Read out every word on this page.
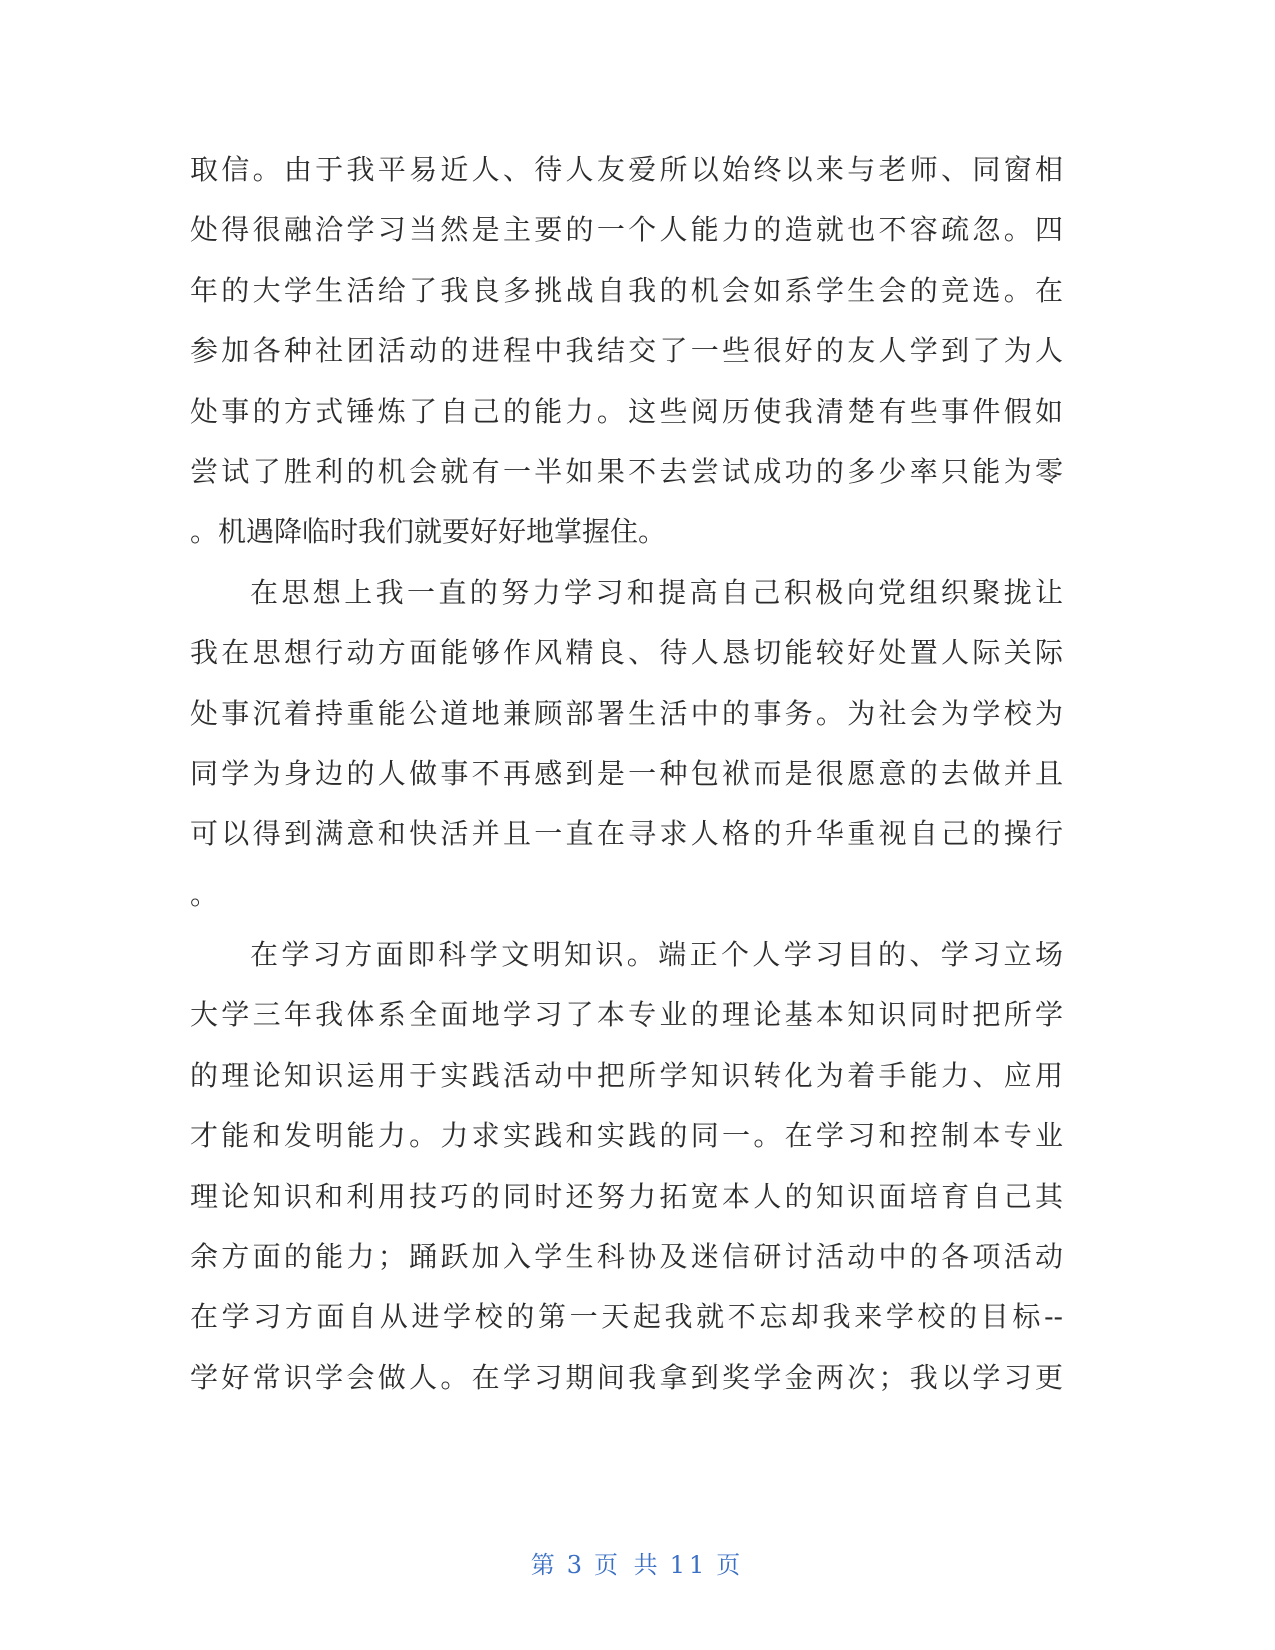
取信。由于我平易近人、待人友爱所以始终以来与老师、同窗相
处得很融洽学习当然是主要的一个人能力的造就也不容疏忽。四
年的大学生活给了我良多挑战自我的机会如系学生会的竞选。在
参加各种社团活动的进程中我结交了一些很好的友人学到了为人
处事的方式锤炼了自己的能力。这些阅历使我清楚有些事件假如
尝试了胜利的机会就有一半如果不去尝试成功的多少率只能为零
。机遇降临时我们就要好好地掌握住。
在思想上我一直的努力学习和提高自己积极向党组织聚拢让
我在思想行动方面能够作风精良、待人恳切能较好处置人际关际
处事沉着持重能公道地兼顾部署生活中的事务。为社会为学校为
同学为身边的人做事不再感到是一种包袱而是很愿意的去做并且
可以得到满意和快活并且一直在寻求人格的升华重视自己的操行
。
在学习方面即科学文明知识。端正个人学习目的、学习立场
大学三年我体系全面地学习了本专业的理论基本知识同时把所学
的理论知识运用于实践活动中把所学知识转化为着手能力、应用
才能和发明能力。力求实践和实践的同一。在学习和控制本专业
理论知识和利用技巧的同时还努力拓宽本人的知识面培育自己其
余方面的能力；踊跃加入学生科协及迷信研讨活动中的各项活动
在学习方面自从进学校的第一天起我就不忘却我来学校的目标--
学好常识学会做人。在学习期间我拿到奖学金两次；我以学习更
第 3 页 共 11 页
